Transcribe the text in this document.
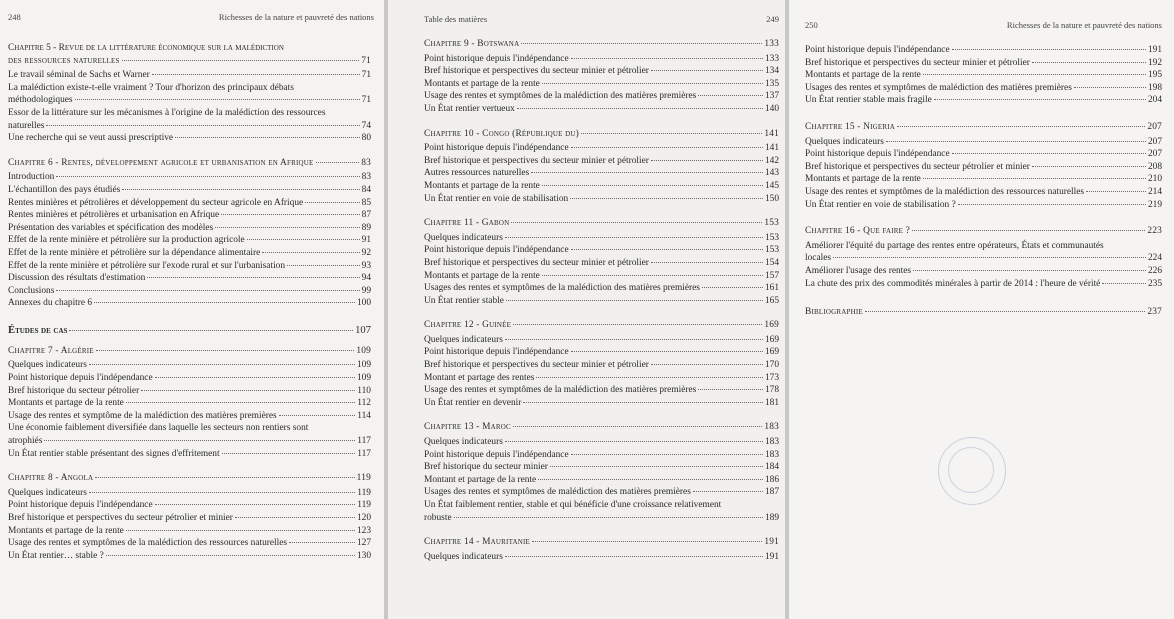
248	Richesses de la nature et pauvreté des nations
Chapitre 5 - Revue de la littérature économique sur la malédiction
des ressources naturelles	71
Le travail séminal de Sachs et Warner	71
La malédiction existe-t-elle vraiment ? Tour d'horizon des principaux débats
méthodologiques	71
Essor de la littérature sur les mécanismes à l'origine de la malédiction des ressources
naturelles	74
Une recherche qui se veut aussi prescriptive	80
Chapitre 6 - Rentes, développement agricole et urbanisation en Afrique	83
Introduction	83
L'échantillon des pays étudiés	84
Rentes minières et pétrolières et développement du secteur agricole en Afrique	85
Rentes minières et pétrolières et urbanisation en Afrique	87
Présentation des variables et spécification des modèles	89
Effet de la rente minière et pétrolière sur la production agricole	91
Effet de la rente minière et pétrolière sur la dépendance alimentaire	92
Effet de la rente minière et pétrolière sur l'exode rural et sur l'urbanisation	93
Discussion des résultats d'estimation	94
Conclusions	99
Annexes du chapitre 6	100
Études de cas	107
Chapitre 7 - Algérie	109
Quelques indicateurs	109
Point historique depuis l'indépendance	109
Bref historique du secteur pétrolier	110
Montants et partage de la rente	112
Usage des rentes et symptôme de la malédiction des matières premières	114
Une économie faiblement diversifiée dans laquelle les secteurs non rentiers sont
atrophiés	117
Un État rentier stable présentant des signes d'effritement	117
Chapitre 8 - Angola	119
Quelques indicateurs	119
Point historique depuis l'indépendance	119
Bref historique et perspectives du secteur pétrolier et minier	120
Montants et partage de la rente	123
Usage des rentes et symptômes de la malédiction des ressources naturelles	127
Un État rentier… stable ?	130
Table des matières	249
Chapitre 9 - Botswana	133
Point historique depuis l'indépendance	133
Bref historique et perspectives du secteur minier et pétrolier	134
Montants et partage de la rente	135
Usage des rentes et symptômes de la malédiction des matières premières	137
Un État rentier vertueux	140
Chapitre 10 - Congo (République du)	141
Point historique depuis l'indépendance	141
Bref historique et perspectives du secteur minier et pétrolier	142
Autres ressources naturelles	143
Montants et partage de la rente	145
Un État rentier en voie de stabilisation	150
Chapitre 11 - Gabon	153
Quelques indicateurs	153
Point historique depuis l'indépendance	153
Bref historique et perspectives du secteur minier et pétrolier	154
Montants et partage de la rente	157
Usages des rentes et symptômes de la malédiction des matières premières	161
Un État rentier stable	165
Chapitre 12 - Guinée	169
Quelques indicateurs	169
Point historique depuis l'indépendance	169
Bref historique et perspectives du secteur minier et pétrolier	170
Montant et partage des rentes	173
Usage des rentes et symptômes de la malédiction des matières premières	178
Un État rentier en devenir	181
Chapitre 13 - Maroc	183
Quelques indicateurs	183
Point historique depuis l'indépendance	183
Bref historique du secteur minier	184
Montant et partage de la rente	186
Usages des rentes et symptômes de malédiction des matières premières	187
Un État faiblement rentier, stable et qui bénéficie d'une croissance relativement
robuste	189
Chapitre 14 - Mauritanie	191
Quelques indicateurs	191
250	Richesses de la nature et pauvreté des nations
Point historique depuis l'indépendance	191
Bref historique et perspectives du secteur minier et pétrolier	192
Montants et partage de la rente	195
Usages des rentes et symptômes de malédiction des matières premières	198
Un État rentier stable mais fragile	204
Chapitre 15 - Nigeria	207
Quelques indicateurs	207
Point historique depuis l'indépendance	207
Bref historique et perspectives du secteur pétrolier et minier	208
Montants et partage de la rente	210
Usage des rentes et symptômes de la malédiction des ressources naturelles	214
Un État rentier en voie de stabilisation ?	219
Chapitre 16 - Que faire ?	223
Améliorer l'équité du partage des rentes entre opérateurs, États et communautés
locales	224
Améliorer l'usage des rentes	226
La chute des prix des commodités minérales à partir de 2014 : l'heure de vérité	235
Bibliographie	237
